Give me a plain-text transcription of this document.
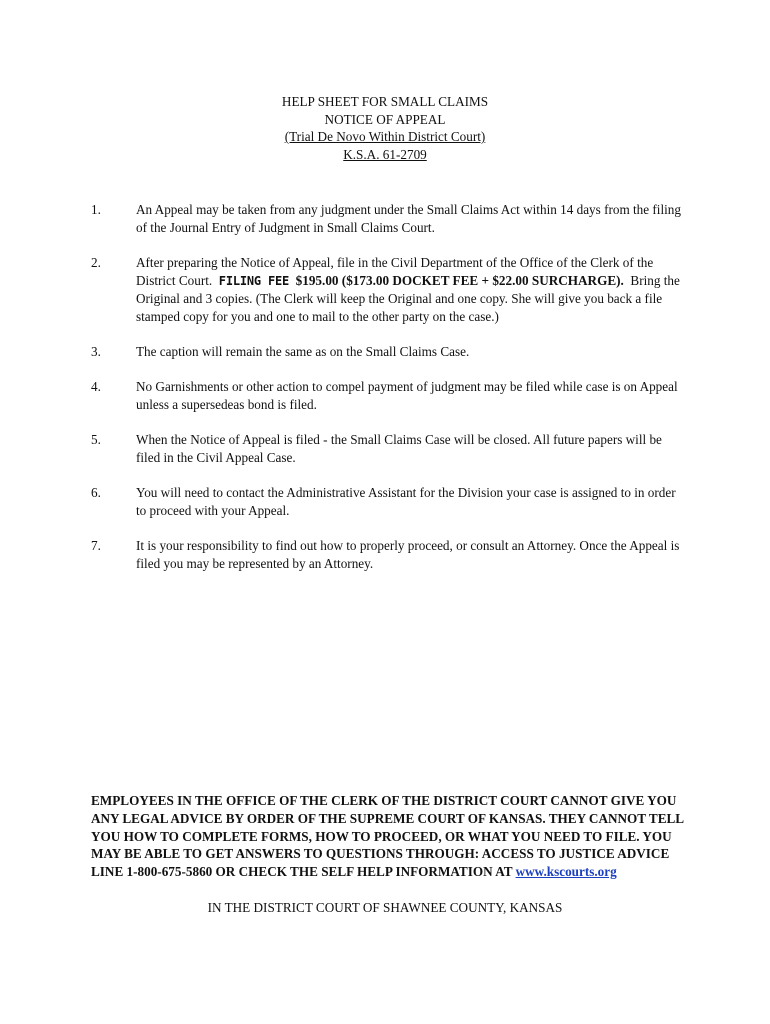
HELP SHEET FOR SMALL CLAIMS
NOTICE OF APPEAL
(Trial De Novo Within District Court)
K.S.A. 61-2709
1.	An Appeal may be taken from any judgment under the Small Claims Act within 14 days from the filing of the Journal Entry of Judgment in Small Claims Court.
2.	After preparing the Notice of Appeal, file in the Civil Department of the Office of the Clerk of the District Court. FILING FEE $195.00 ($173.00 DOCKET FEE + $22.00 SURCHARGE). Bring the Original and 3 copies. (The Clerk will keep the Original and one copy. She will give you back a file stamped copy for you and one to mail to the other party on the case.)
3.	The caption will remain the same as on the Small Claims Case.
4.	No Garnishments or other action to compel payment of judgment may be filed while case is on Appeal unless a supersedeas bond is filed.
5.	When the Notice of Appeal is filed - the Small Claims Case will be closed. All future papers will be filed in the Civil Appeal Case.
6.	You will need to contact the Administrative Assistant for the Division your case is assigned to in order to proceed with your Appeal.
7.	It is your responsibility to find out how to properly proceed, or consult an Attorney. Once the Appeal is filed you may be represented by an Attorney.
EMPLOYEES IN THE OFFICE OF THE CLERK OF THE DISTRICT COURT CANNOT GIVE YOU ANY LEGAL ADVICE BY ORDER OF THE SUPREME COURT OF KANSAS. THEY CANNOT TELL YOU HOW TO COMPLETE FORMS, HOW TO PROCEED, OR WHAT YOU NEED TO FILE. YOU MAY BE ABLE TO GET ANSWERS TO QUESTIONS THROUGH: ACCESS TO JUSTICE ADVICE LINE 1-800-675-5860 OR CHECK THE SELF HELP INFORMATION AT www.kscourts.org
IN THE DISTRICT COURT OF SHAWNEE COUNTY, KANSAS
